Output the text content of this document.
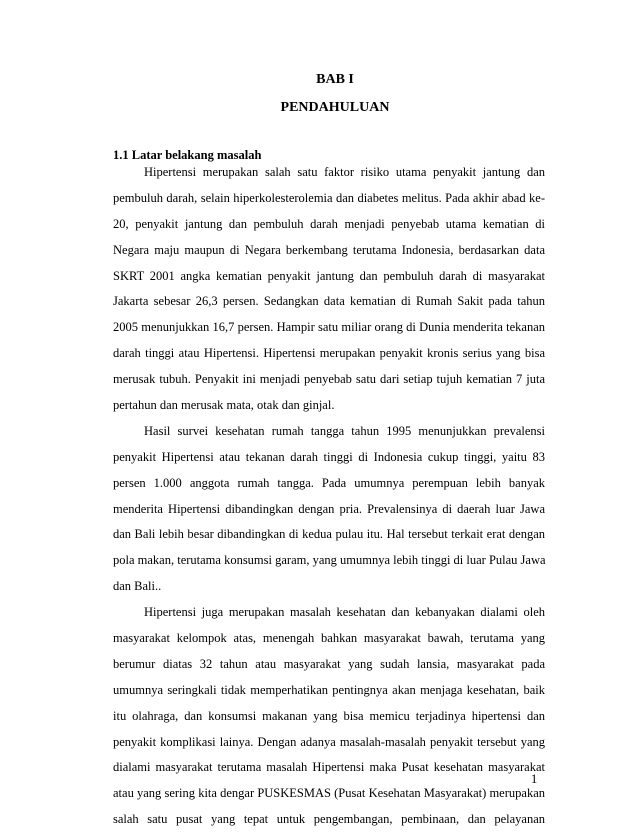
BAB I
PENDAHULUAN
1.1 Latar belakang masalah
Hipertensi merupakan salah satu faktor risiko utama penyakit jantung dan
pembuluh darah, selain hiperkolesterolemia dan diabetes melitus. Pada akhir abad ke-
20, penyakit jantung dan pembuluh darah menjadi penyebab utama kematian di
Negara maju maupun di Negara berkembang terutama Indonesia, berdasarkan data
SKRT 2001 angka kematian penyakit jantung dan pembuluh darah di masyarakat
Jakarta sebesar 26,3 persen. Sedangkan data kematian di Rumah Sakit pada tahun
2005 menunjukkan 16,7 persen. Hampir satu miliar orang di Dunia menderita tekanan
darah tinggi atau Hipertensi. Hipertensi merupakan penyakit kronis serius yang bisa
merusak tubuh. Penyakit ini menjadi penyebab satu dari setiap tujuh kematian 7 juta
pertahun dan merusak mata, otak dan ginjal.
Hasil survei kesehatan rumah tangga tahun 1995 menunjukkan prevalensi
penyakit Hipertensi atau tekanan darah tinggi di Indonesia cukup tinggi, yaitu 83
persen 1.000 anggota rumah tangga. Pada umumnya perempuan lebih banyak
menderita Hipertensi dibandingkan dengan pria. Prevalensinya di daerah luar Jawa
dan Bali lebih besar dibandingkan di kedua pulau itu. Hal tersebut terkait erat dengan
pola makan, terutama konsumsi garam, yang umumnya lebih tinggi di luar Pulau Jawa
dan Bali..
Hipertensi juga merupakan masalah kesehatan dan kebanyakan dialami oleh
masyarakat kelompok atas, menengah bahkan masyarakat bawah, terutama yang
berumur diatas 32 tahun atau masyarakat yang sudah lansia, masyarakat pada
umumnya seringkali tidak memperhatikan pentingnya akan menjaga kesehatan, baik
itu olahraga, dan konsumsi makanan yang bisa memicu terjadinya hipertensi dan
penyakit komplikasi lainya. Dengan adanya masalah-masalah penyakit tersebut yang
dialami masyarakat terutama masalah Hipertensi maka Pusat kesehatan masyarakat
atau yang sering kita dengar PUSKESMAS (Pusat Kesehatan Masyarakat) merupakan
salah satu pusat yang tepat untuk pengembangan, pembinaan, dan pelayanan
1
